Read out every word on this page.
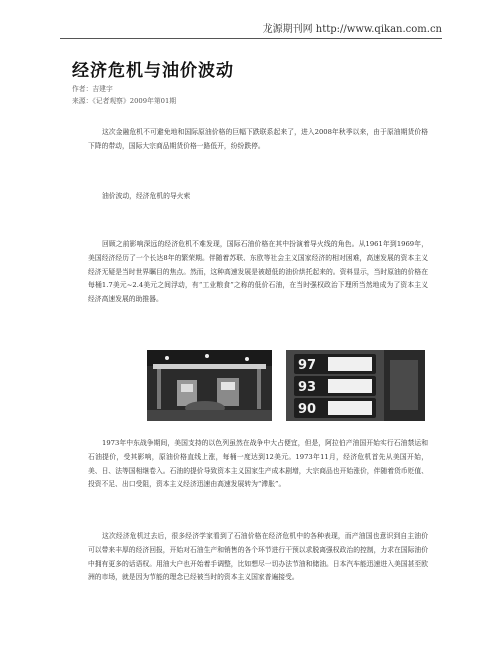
龙源期刊网 http://www.qikan.com.cn
经济危机与油价波动
作者：吉建宇
来源：《记者观察》2009年第01期
这次金融危机不可避免地和国际原油价格的巨幅下跌联系起来了，进入2008年秋季以来，由于原油期货价格下降的带动，国际大宗商品期货价格一路低开，纷纷跌停。
油价波动，经济危机的导火索
回顾之前影响深远的经济危机不难发现，国际石油价格在其中扮演着导火线的角色。从1961年到1969年，美国经济经历了一个长达8年的繁荣期。伴随着苏联、东欧等社会主义国家经济的相对困难，高速发展的资本主义经济无疑是当时世界瞩目的焦点。然而，这种高速发展是被超低的油价烘托起来的。资料显示，当时原油的价格在每桶1.7美元~2.4美元之间浮动，有“工业粮食”之称的低价石油，在当时强权政治下理所当然地成为了资本主义经济高速发展的助推器。
97
93
90
1973年中东战争期间，美国支持的以色列虽然在战争中大占便宜，但是，阿拉伯产油国开始实行石油禁运和石油提价，受其影响，原油价格直线上涨，每桶一度达到12美元。1973年11月，经济危机首先从美国开始，美、日、法等国相继卷入。石油的提价导致资本主义国家生产成本剧增，大宗商品也开始涨价，伴随着货币贬值、投资不足、出口受阻，资本主义经济迅速由高速发展转为“滞胀”。
这次经济危机过去后，很多经济学家看到了石油价格在经济危机中的各种表现，而产油国也意识到自主油价可以带来丰厚的经济回报，开始对石油生产和销售的各个环节进行干预以求脱离强权政治的控制，力求在国际油价中拥有更多的话语权。用油大户也开始着手调整，比如想尽一切办法节油和储油。日本汽车能迅速进入美国甚至欧洲的市场，就是因为节能的理念已经被当时的资本主义国家普遍接受。
